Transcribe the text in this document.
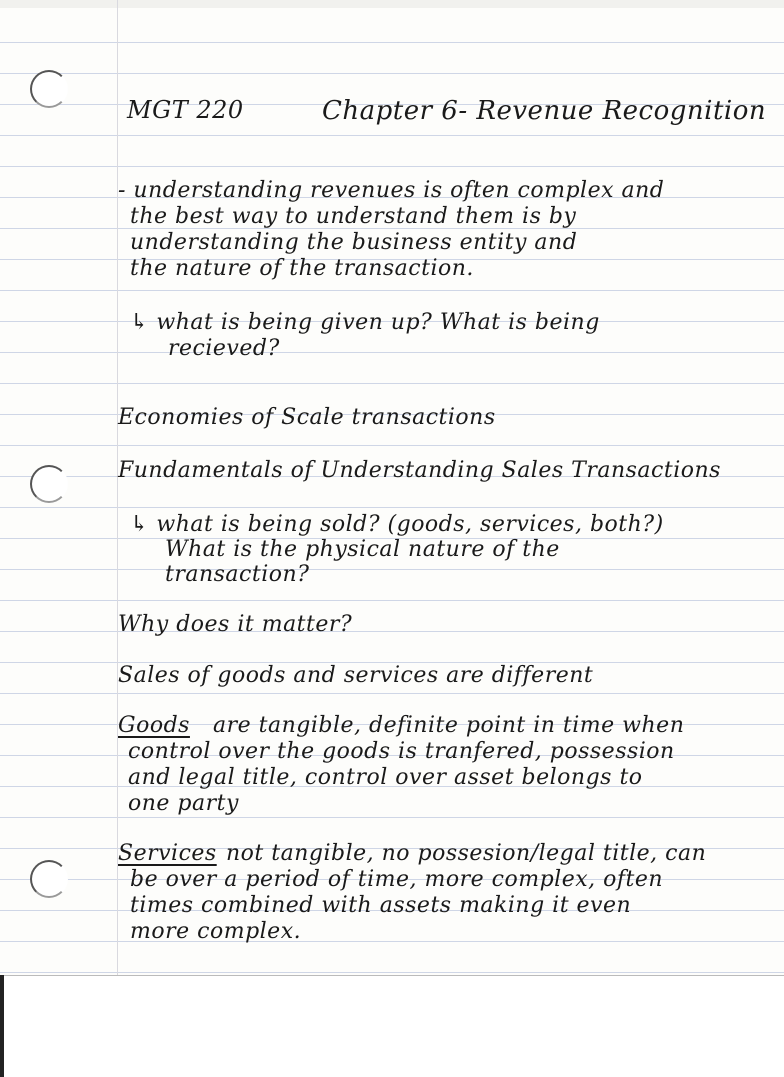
MGT 220	Chapter 6- Revenue Recognition
- understanding revenues is often complex and
the best way to understand them is by
understanding the business entity and
the nature of the transaction.
↳ what is being given up? What is being
recieved?
Economies of Scale transactions
Fundamentals of Understanding Sales Transactions
↳ what is being sold? (goods, services, both?)
What is the physical nature of the
transaction?
Why does it matter?
Sales of goods and services are different
Goods are tangible, definite point in time when
control over the goods is tranfered, possession
and legal title, control over asset belongs to
one party
Services not tangible, no possesion/legal title, can
be over a period of time, more complex, often
times combined with assets making it even
more complex.
